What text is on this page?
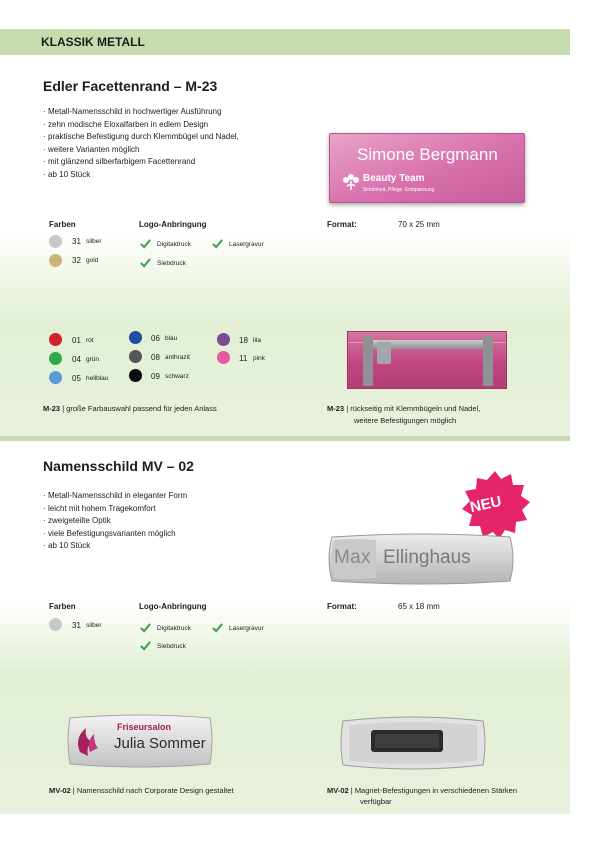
KLASSIK METALL
Edler Facettenrand – M-23
· Metall-Namensschild in hochwertiger Ausführung
· zehn modische Eloxalfarben in edlem Design
· praktische Befestigung durch Klemmbügel und Nadel,
· weitere Varianten möglich
· mit glänzend silberfarbigem Facettenrand
· ab 10 Stück
Farben	Logo-Anbringung	Format:	70 x 25 mm
31 silber
32 gold
Digitaldruck	Lasergravur
Siebdruck
Simone Bergmann
Beauty Team
Schönheit, Pflege, Entspannung
01 rot
04 grün
05 hellblau
06 blau
08 anthrazit
09 schwarz
18 lila
11 pink
M-23 | große Farbauswahl passend für jeden Anlass	M-23 | rückseitig mit Klemmbügeln und Nadel,
weitere Befestigungen möglich
Namensschild MV – 02
· Metall-Namensschild in eleganter Form
· leicht mit hohem Tragekomfort
· zweigeteilte Optik
· viele Befestigungsvarianten möglich
· ab 10 Stück
NEU
Max Ellinghaus
Farben	Logo-Anbringung	Format:	65 x 18 mm
31 silber	Digitaldruck	Lasergravur
Siebdruck
Friseursalon
Julia Sommer
MV-02 | Namensschild nach Corporate Design gestaltet	MV-02 | Magnet-Befestigungen in verschiedenen Stärken
verfügbar
